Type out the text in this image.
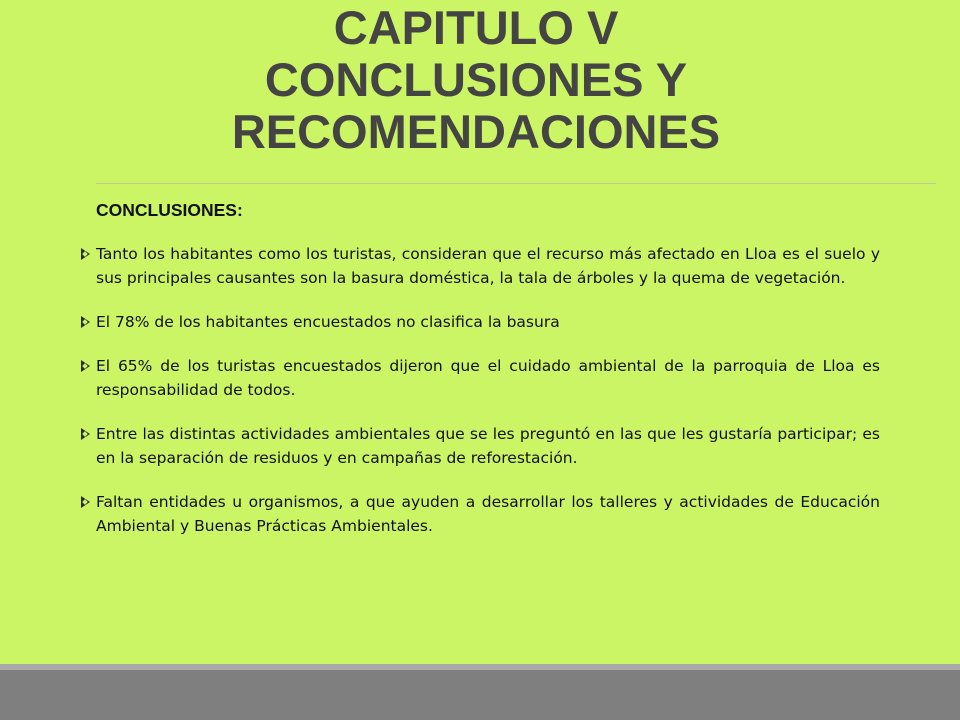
CAPITULO V
CONCLUSIONES Y
RECOMENDACIONES
CONCLUSIONES:
Tanto los habitantes como los turistas, consideran que el recurso más afectado en Lloa es el suelo y sus principales causantes son la basura doméstica, la tala de árboles y la quema de vegetación.
El 78% de los habitantes encuestados no clasifica la basura
El 65% de los turistas encuestados dijeron que el cuidado ambiental de la parroquia de Lloa es responsabilidad de todos.
Entre las distintas actividades ambientales que se les preguntó en las que les gustaría participar; es en la separación de residuos y en campañas de reforestación.
Faltan entidades u organismos, a que ayuden a desarrollar los talleres y actividades de Educación Ambiental y Buenas Prácticas Ambientales.
